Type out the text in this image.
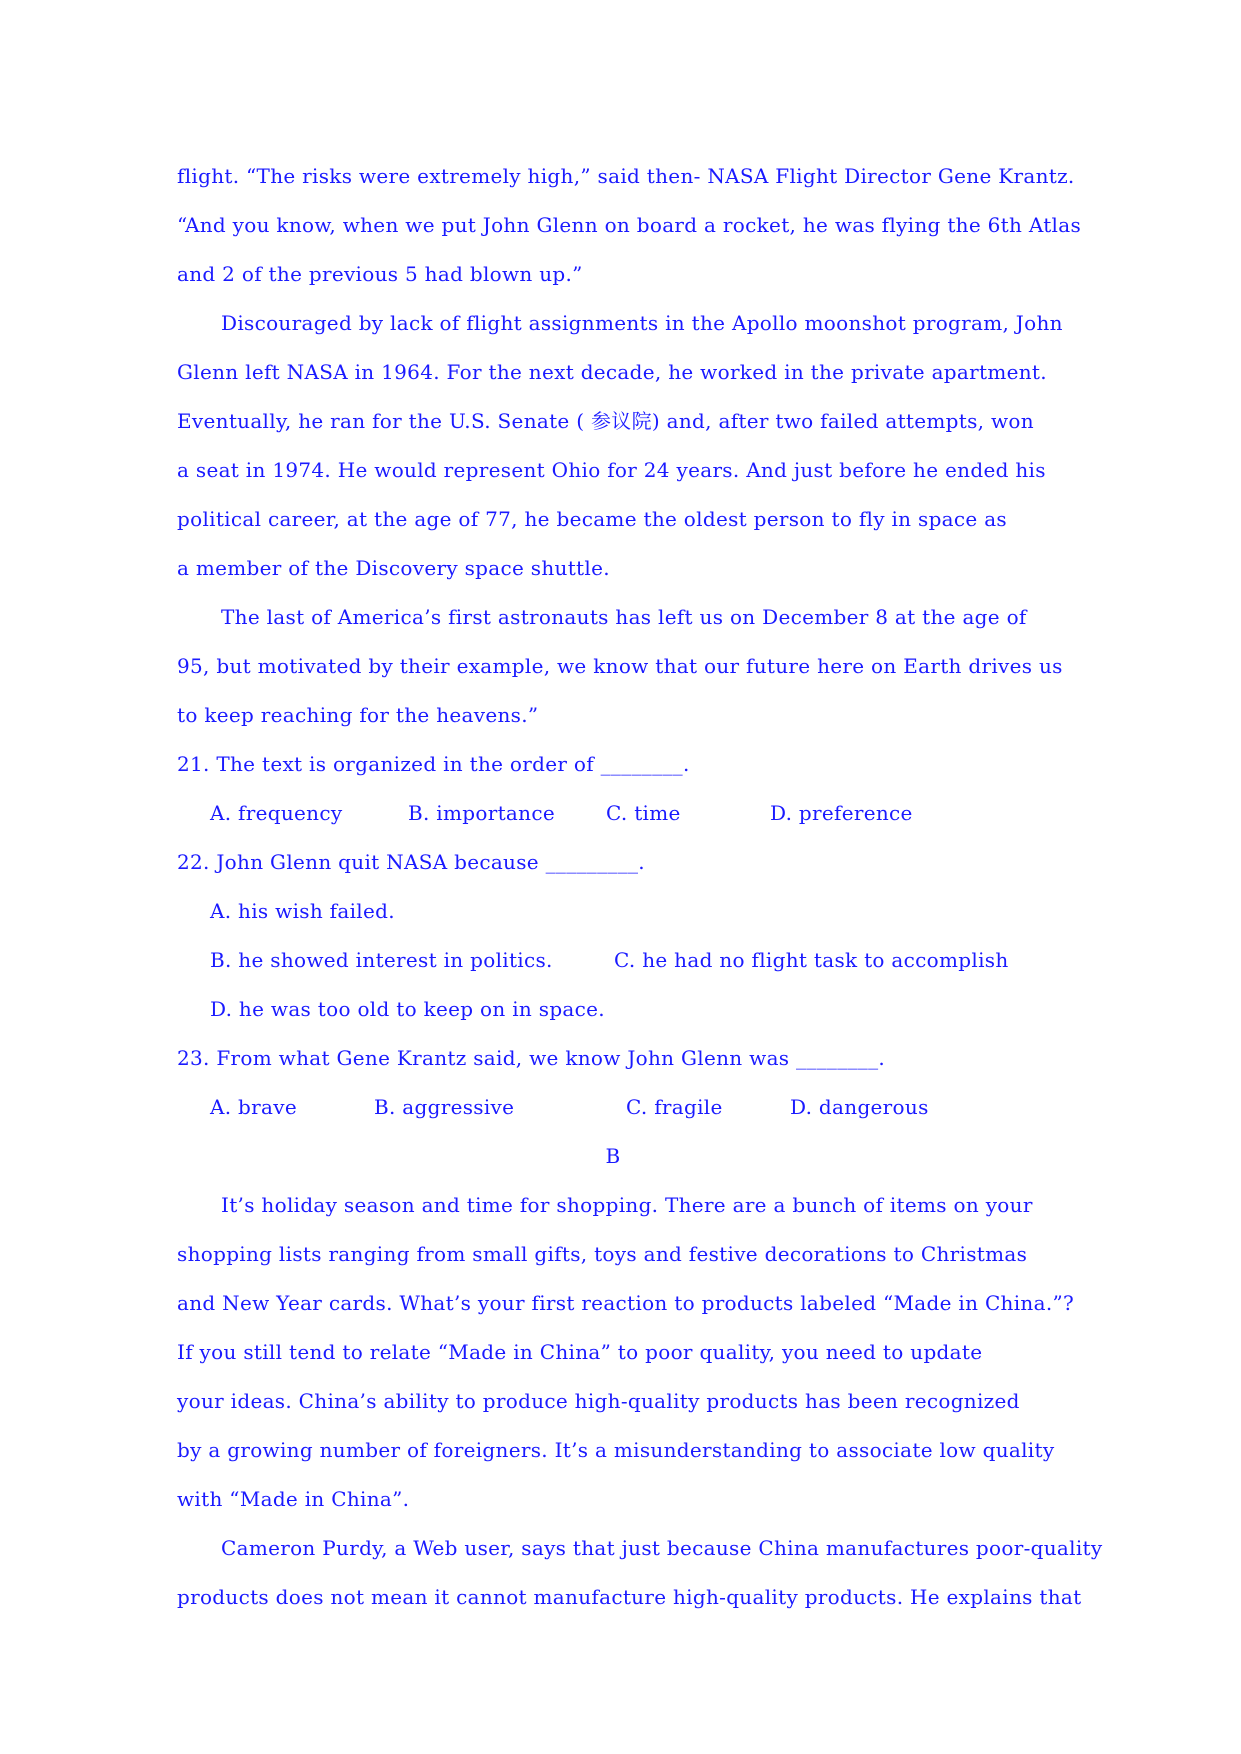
flight. “The risks were extremely high,” said then- NASA Flight Director Gene Krantz.
“And you know, when we put John Glenn on board a rocket, he was flying the 6th Atlas
and 2 of the previous 5 had blown up.”
Discouraged by lack of flight assignments in the Apollo moonshot program, John
Glenn left NASA in 1964. For the next decade, he worked in the private apartment.
Eventually, he ran for the U.S. Senate ( 参议院) and, after two failed attempts, won
a seat in 1974. He would represent Ohio for 24 years. And just before he ended his
political career, at the age of 77, he became the oldest person to fly in space as
a member of the Discovery space shuttle.
The last of America’s first astronauts has left us on December 8 at the age of
95, but motivated by their example, we know that our future here on Earth drives us
to keep reaching for the heavens.”
21. The text is organized in the order of ________.
A. frequency	B. importance	C. time	D. preference
22. John Glenn quit NASA because _________.
A. his wish failed.
B. he showed interest in politics.	C. he had no flight task to accomplish
D. he was too old to keep on in space.
23. From what Gene Krantz said, we know John Glenn was ________.
A. brave	B. aggressive	C. fragile	D. dangerous
B
It’s holiday season and time for shopping. There are a bunch of items on your
shopping lists ranging from small gifts, toys and festive decorations to Christmas
and New Year cards. What’s your first reaction to products labeled “Made in China.”?
If you still tend to relate “Made in China” to poor quality, you need to update
your ideas. China’s ability to produce high-quality products has been recognized
by a growing number of foreigners. It’s a misunderstanding to associate low quality
with “Made in China”.
Cameron Purdy, a Web user, says that just because China manufactures poor-quality
products does not mean it cannot manufacture high-quality products. He explains that
